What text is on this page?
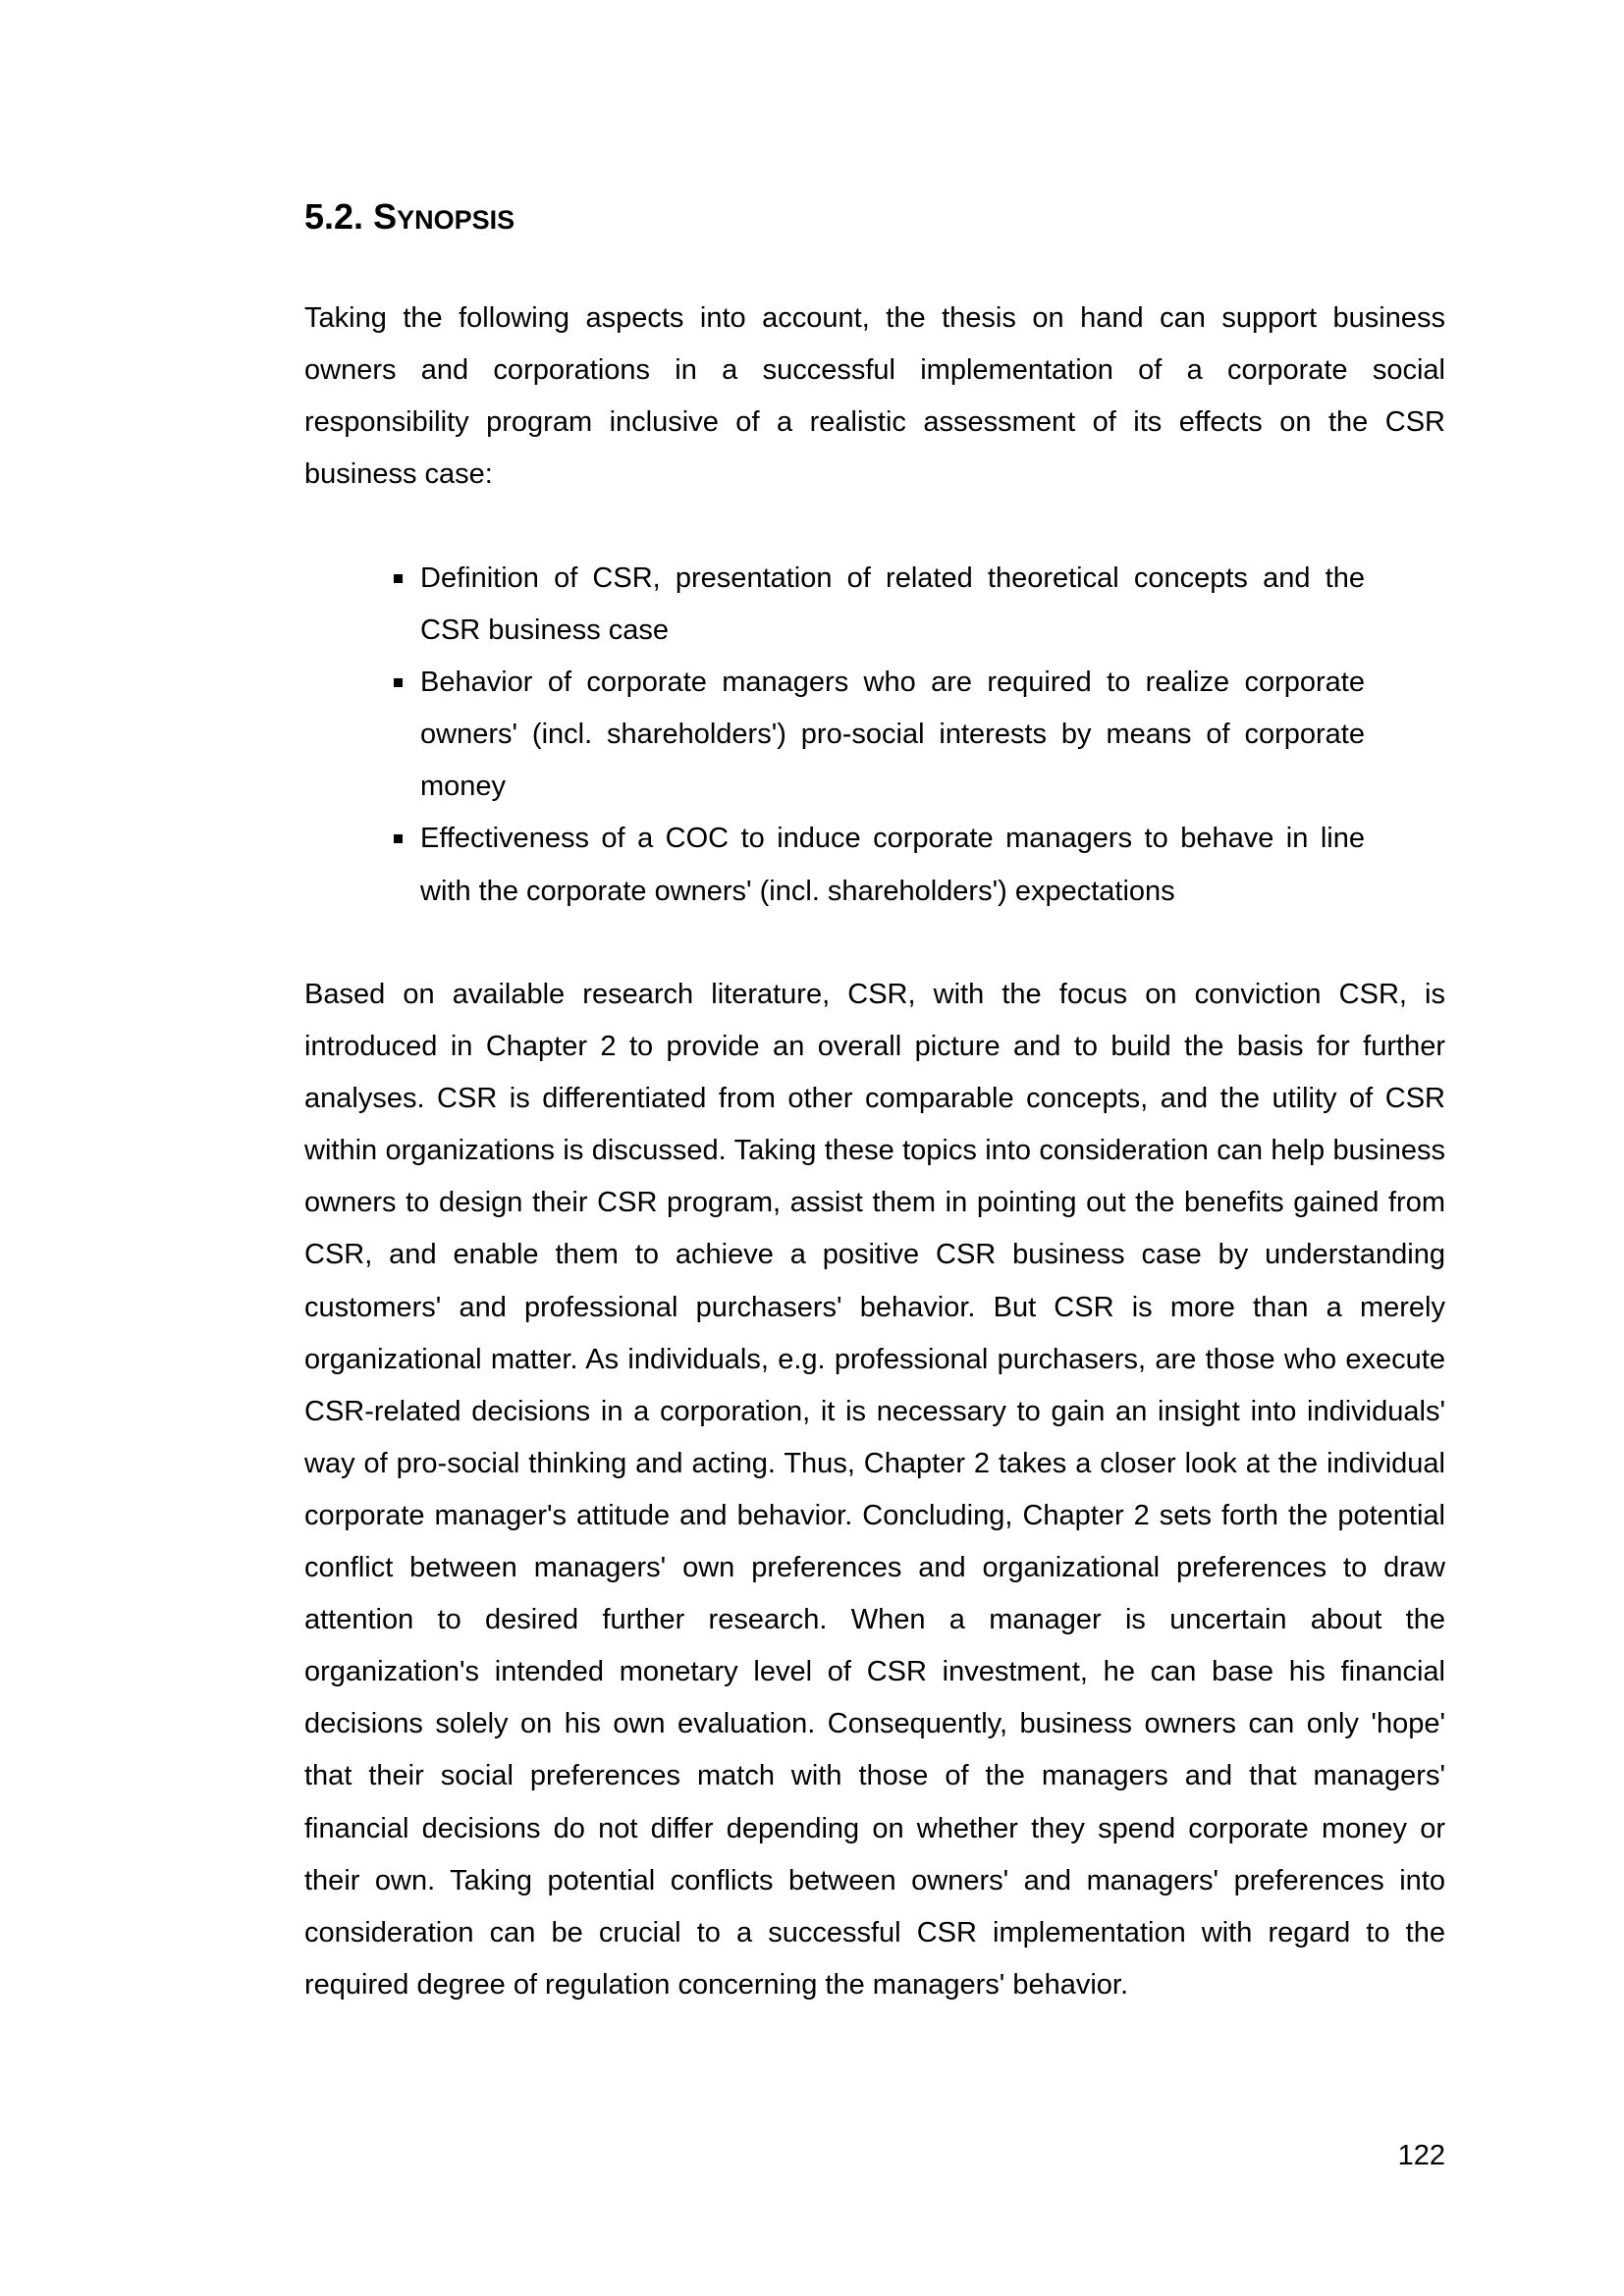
5.2. SYNOPSIS

Taking the following aspects into account, the thesis on hand can support business owners and corporations in a successful implementation of a corporate social responsibility program inclusive of a realistic assessment of its effects on the CSR business case:

Definition of CSR, presentation of related theoretical concepts and the CSR business case
Behavior of corporate managers who are required to realize corporate owners' (incl. shareholders') pro-social interests by means of corporate money
Effectiveness of a COC to induce corporate managers to behave in line with the corporate owners' (incl. shareholders') expectations

Based on available research literature, CSR, with the focus on conviction CSR, is introduced in Chapter 2 to provide an overall picture and to build the basis for further analyses. CSR is differentiated from other comparable concepts, and the utility of CSR within organizations is discussed. Taking these topics into consideration can help business owners to design their CSR program, assist them in pointing out the benefits gained from CSR, and enable them to achieve a positive CSR business case by understanding customers' and professional purchasers' behavior. But CSR is more than a merely organizational matter. As individuals, e.g. professional purchasers, are those who execute CSR-related decisions in a corporation, it is necessary to gain an insight into individuals' way of pro-social thinking and acting. Thus, Chapter 2 takes a closer look at the individual corporate manager's attitude and behavior. Concluding, Chapter 2 sets forth the potential conflict between managers' own preferences and organizational preferences to draw attention to desired further research. When a manager is uncertain about the organization's intended monetary level of CSR investment, he can base his financial decisions solely on his own evaluation. Consequently, business owners can only 'hope' that their social preferences match with those of the managers and that managers' financial decisions do not differ depending on whether they spend corporate money or their own. Taking potential conflicts between owners' and managers' preferences into consideration can be crucial to a successful CSR implementation with regard to the required degree of regulation concerning the managers' behavior.

122
